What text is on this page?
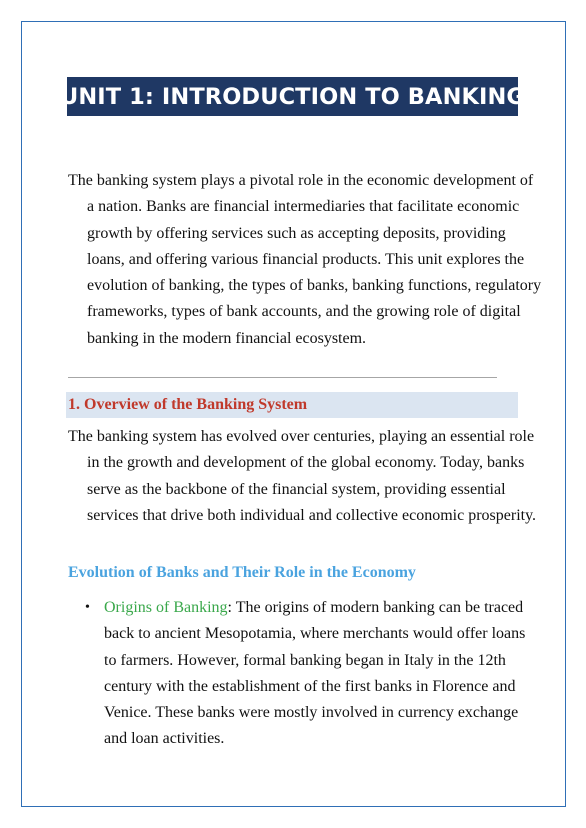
UNIT 1: INTRODUCTION TO BANKING

The banking system plays a pivotal role in the economic development of a nation. Banks are financial intermediaries that facilitate economic growth by offering services such as accepting deposits, providing loans, and offering various financial products. This unit explores the evolution of banking, the types of banks, banking functions, regulatory frameworks, types of bank accounts, and the growing role of digital banking in the modern financial ecosystem.

1. Overview of the Banking System

The banking system has evolved over centuries, playing an essential role in the growth and development of the global economy. Today, banks serve as the backbone of the financial system, providing essential services that drive both individual and collective economic prosperity.

Evolution of Banks and Their Role in the Economy
• Origins of Banking: The origins of modern banking can be traced back to ancient Mesopotamia, where merchants would offer loans to farmers. However, formal banking began in Italy in the 12th century with the establishment of the first banks in Florence and Venice. These banks were mostly involved in currency exchange and loan activities.
